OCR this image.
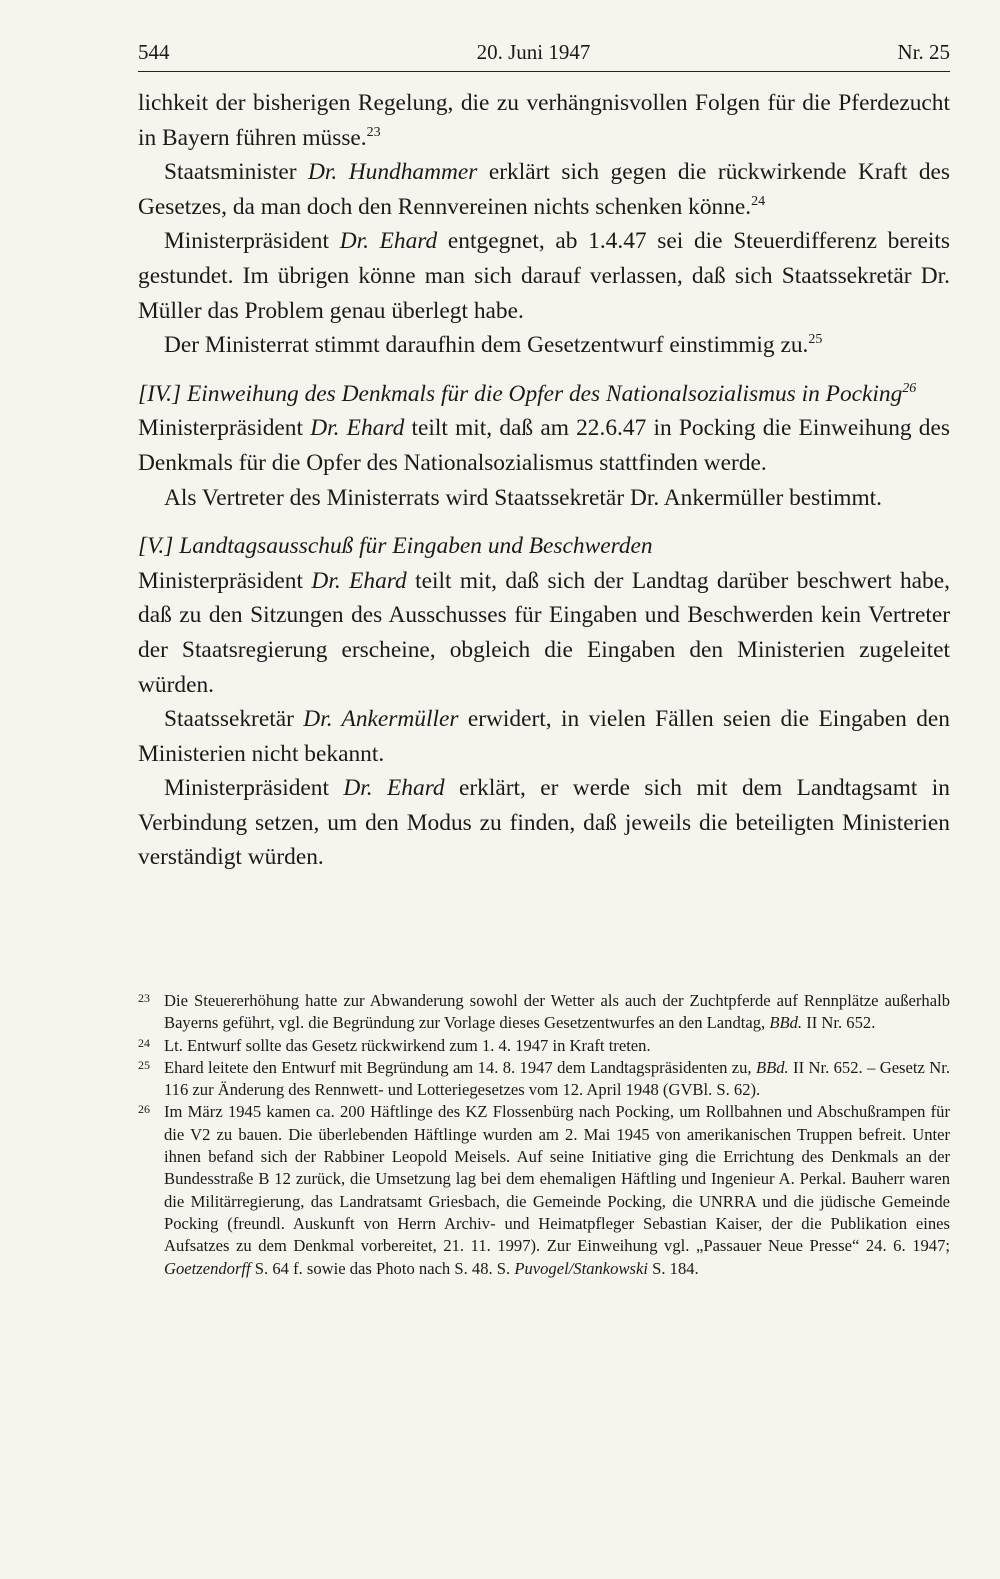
544	20. Juni 1947	Nr. 25

lichkeit der bisherigen Regelung, die zu verhängnisvollen Folgen für die Pferdezucht in Bayern führen müsse.$^{23}$

Staatsminister Dr. Hundhammer erklärt sich gegen die rückwirkende Kraft des Gesetzes, da man doch den Rennvereinen nichts schenken könne.$^{24}$

Ministerpräsident Dr. Ehard entgegnet, ab 1.4.47 sei die Steuerdifferenz bereits gestundet. Im übrigen könne man sich darauf verlassen, daß sich Staatssekretär Dr. Müller das Problem genau überlegt habe.

Der Ministerrat stimmt daraufhin dem Gesetzentwurf einstimmig zu.$^{25}$

[IV.] Einweihung des Denkmals für die Opfer des Nationalsozialismus in Pocking$^{26}$

Ministerpräsident Dr. Ehard teilt mit, daß am 22.6.47 in Pocking die Einweihung des Denkmals für die Opfer des Nationalsozialismus stattfinden werde.

Als Vertreter des Ministerrats wird Staatssekretär Dr. Ankermüller bestimmt.

[V.] Landtagsausschuß für Eingaben und Beschwerden

Ministerpräsident Dr. Ehard teilt mit, daß sich der Landtag darüber beschwert habe, daß zu den Sitzungen des Ausschusses für Eingaben und Beschwerden kein Vertreter der Staatsregierung erscheine, obgleich die Eingaben den Ministerien zugeleitet würden.

Staatssekretär Dr. Ankermüller erwidert, in vielen Fällen seien die Eingaben den Ministerien nicht bekannt.

Ministerpräsident Dr. Ehard erklärt, er werde sich mit dem Landtagsamt in Verbindung setzen, um den Modus zu finden, daß jeweils die beteiligten Ministerien verständigt würden.

23 Die Steuererhöhung hatte zur Abwanderung sowohl der Wetter als auch der Zuchtpferde auf Rennplätze außerhalb Bayerns geführt, vgl. die Begründung zur Vorlage dieses Gesetzentwurfes an den Landtag, BBd. II Nr. 652.
24 Lt. Entwurf sollte das Gesetz rückwirkend zum 1. 4. 1947 in Kraft treten.
25 Ehard leitete den Entwurf mit Begründung am 14. 8. 1947 dem Landtagspräsidenten zu, BBd. II Nr. 652. – Gesetz Nr. 116 zur Änderung des Rennwett- und Lotteriegesetzes vom 12. April 1948 (GVBl. S. 62).
26 Im März 1945 kamen ca. 200 Häftlinge des KZ Flossenbürg nach Pocking, um Rollbahnen und Abschußrampen für die V2 zu bauen. Die überlebenden Häftlinge wurden am 2. Mai 1945 von amerikanischen Truppen befreit. Unter ihnen befand sich der Rabbiner Leopold Meisels. Auf seine Initiative ging die Errichtung des Denkmals an der Bundesstraße B 12 zurück, die Umsetzung lag bei dem ehemaligen Häftling und Ingenieur A. Perkal. Bauherr waren die Militärregierung, das Landratsamt Griesbach, die Gemeinde Pocking, die UNRRA und die jüdische Gemeinde Pocking (freundl. Auskunft von Herrn Archiv- und Heimatpfleger Sebastian Kaiser, der die Publikation eines Aufsatzes zu dem Denkmal vorbereitet, 21. 11. 1997). Zur Einweihung vgl. „Passauer Neue Presse“ 24. 6. 1947; Goetzendorff S. 64 f. sowie das Photo nach S. 48. S. Puvogel/Stankowski S. 184.
